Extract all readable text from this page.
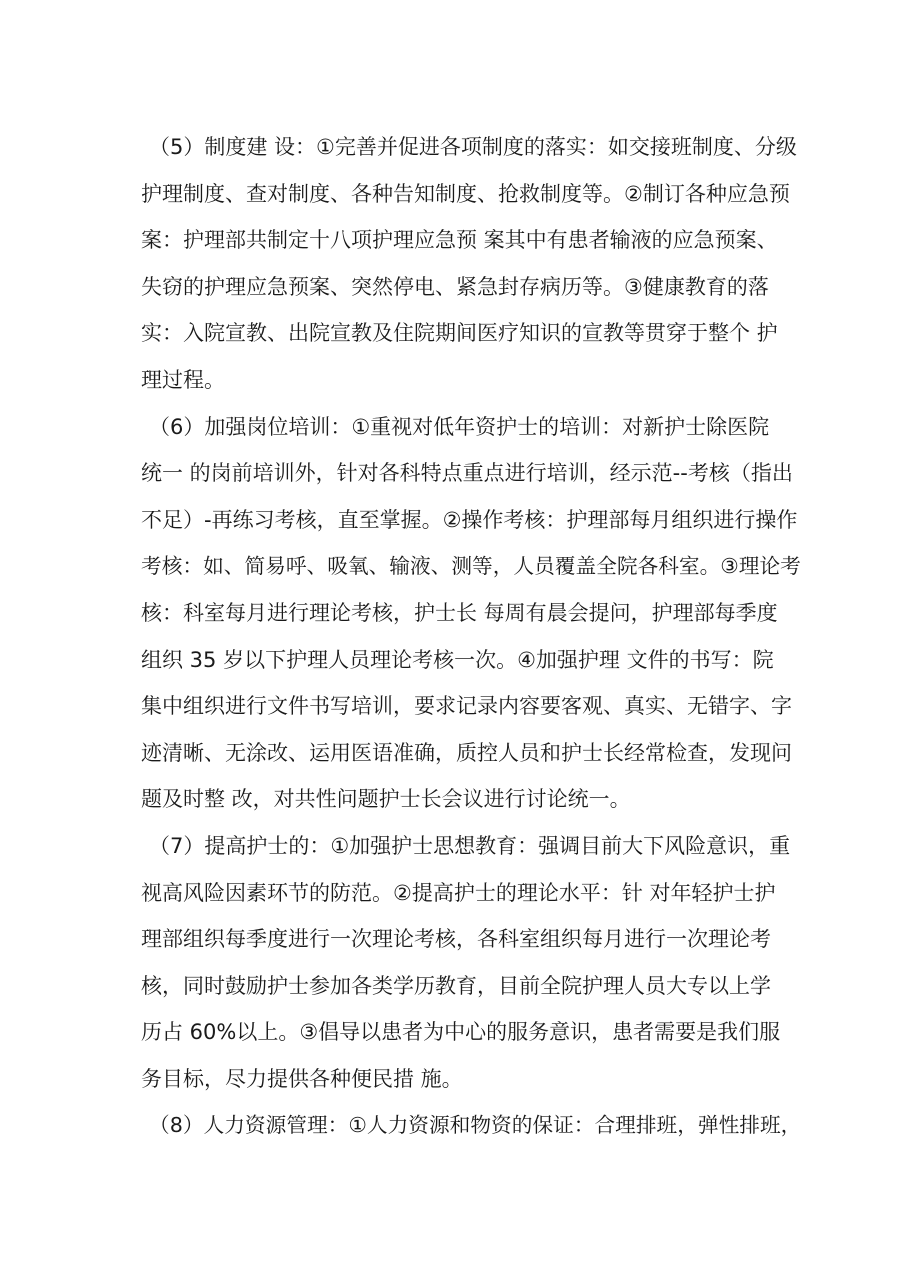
（5）制度建 设：①完善并促进各项制度的落实：如交接班制度、分级
护理制度、查对制度、各种告知制度、抢救制度等。②制订各种应急预
案：护理部共制定十八项护理应急预 案其中有患者输液的应急预案、
失窃的护理应急预案、突然停电、紧急封存病历等。③健康教育的落
实：入院宣教、出院宣教及住院期间医疗知识的宣教等贯穿于整个 护
理过程。
（6）加强岗位培训：①重视对低年资护士的培训：对新护士除医院
统一 的岗前培训外，针对各科特点重点进行培训，经示范--考核（指出
不足）-再练习考核，直至掌握。②操作考核：护理部每月组织进行操作
考核：如、简易呼、吸氧、输液、测等，人员覆盖全院各科室。③理论考
核：科室每月进行理论考核，护士长 每周有晨会提问，护理部每季度
组织 35 岁以下护理人员理论考核一次。④加强护理 文件的书写：院
集中组织进行文件书写培训，要求记录内容要客观、真实、无错字、字
迹清晰、无涂改、运用医语准确，质控人员和护士长经常检查，发现问
题及时整 改，对共性问题护士长会议进行讨论统一。
（7）提高护士的：①加强护士思想教育：强调目前大下风险意识，重
视高风险因素环节的防范。②提高护士的理论水平：针 对年轻护士护
理部组织每季度进行一次理论考核，各科室组织每月进行一次理论考
核，同时鼓励护士参加各类学历教育，目前全院护理人员大专以上学
历占 60%以上。③倡导以患者为中心的服务意识，患者需要是我们服
务目标，尽力提供各种便民措 施。
（8）人力资源管理：①人力资源和物资的保证：合理排班，弹性排班，
